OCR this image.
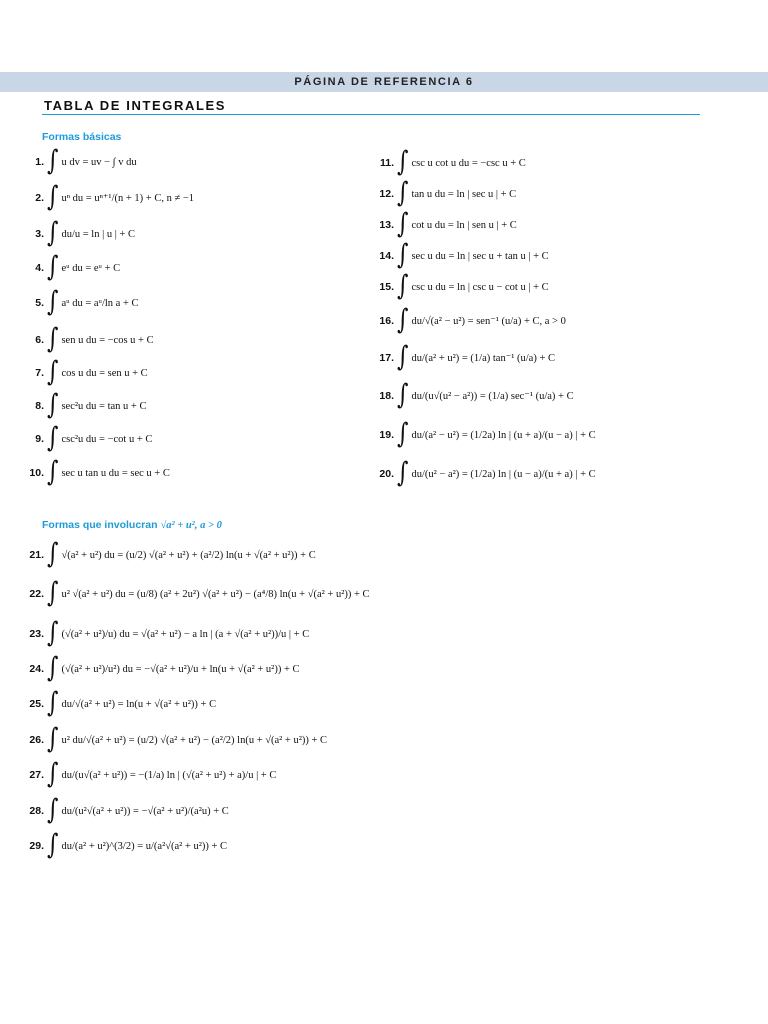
PÁGINA DE REFERENCIA 6
TABLA DE INTEGRALES
Formas básicas
Formas que involucran √a² + u², a > 0
1. ∫ u dv = uv − ∫ v du
2. ∫ uⁿ du = uⁿ⁺¹/(n + 1) + C, n ≠ −1
3. ∫ du/u = ln | u | + C
4. ∫ eᵘ du = eᵘ + C
5. ∫ aᵘ du = aᵘ/ln a + C
6. ∫ sen u du = −cos u + C
7. ∫ cos u du = sen u + C
8. ∫ sec²u du = tan u + C
9. ∫ csc²u du = −cot u + C
10. ∫ sec u tan u du = sec u + C
11. ∫ csc u cot u du = −csc u + C
12. ∫ tan u du = ln | sec u | + C
13. ∫ cot u du = ln | sen u | + C
14. ∫ sec u du = ln | sec u + tan u | + C
15. ∫ csc u du = ln | csc u − cot u | + C
16. ∫ du/√(a² − u²) = sen⁻¹ (u/a) + C, a > 0
17. ∫ du/(a² + u²) = (1/a) tan⁻¹ (u/a) + C
18. ∫ du/(u√(u² − a²)) = (1/a) sec⁻¹ (u/a) + C
19. ∫ du/(a² − u²) = (1/2a) ln | (u + a)/(u − a) | + C
20. ∫ du/(u² − a²) = (1/2a) ln | (u − a)/(u + a) | + C
21. ∫ √(a² + u²) du = (u/2) √(a² + u²) + (a²/2) ln(u + √(a² + u²)) + C
22. ∫ u² √(a² + u²) du = (u/8) (a² + 2u²) √(a² + u²) − (a⁴/8) ln(u + √(a² + u²)) + C
23. ∫ (√(a² + u²)/u) du = √(a² + u²) − a ln | (a + √(a² + u²))/u | + C
24. ∫ (√(a² + u²)/u²) du = −√(a² + u²)/u + ln(u + √(a² + u²)) + C
25. ∫ du/√(a² + u²) = ln(u + √(a² + u²)) + C
26. ∫ u² du/√(a² + u²) = (u/2) √(a² + u²) − (a²/2) ln(u + √(a² + u²)) + C
27. ∫ du/(u√(a² + u²)) = −(1/a) ln | (√(a² + u²) + a)/u | + C
28. ∫ du/(u²√(a² + u²)) = −√(a² + u²)/(a²u) + C
29. ∫ du/(a² + u²)^(3/2) = u/(a²√(a² + u²)) + C
